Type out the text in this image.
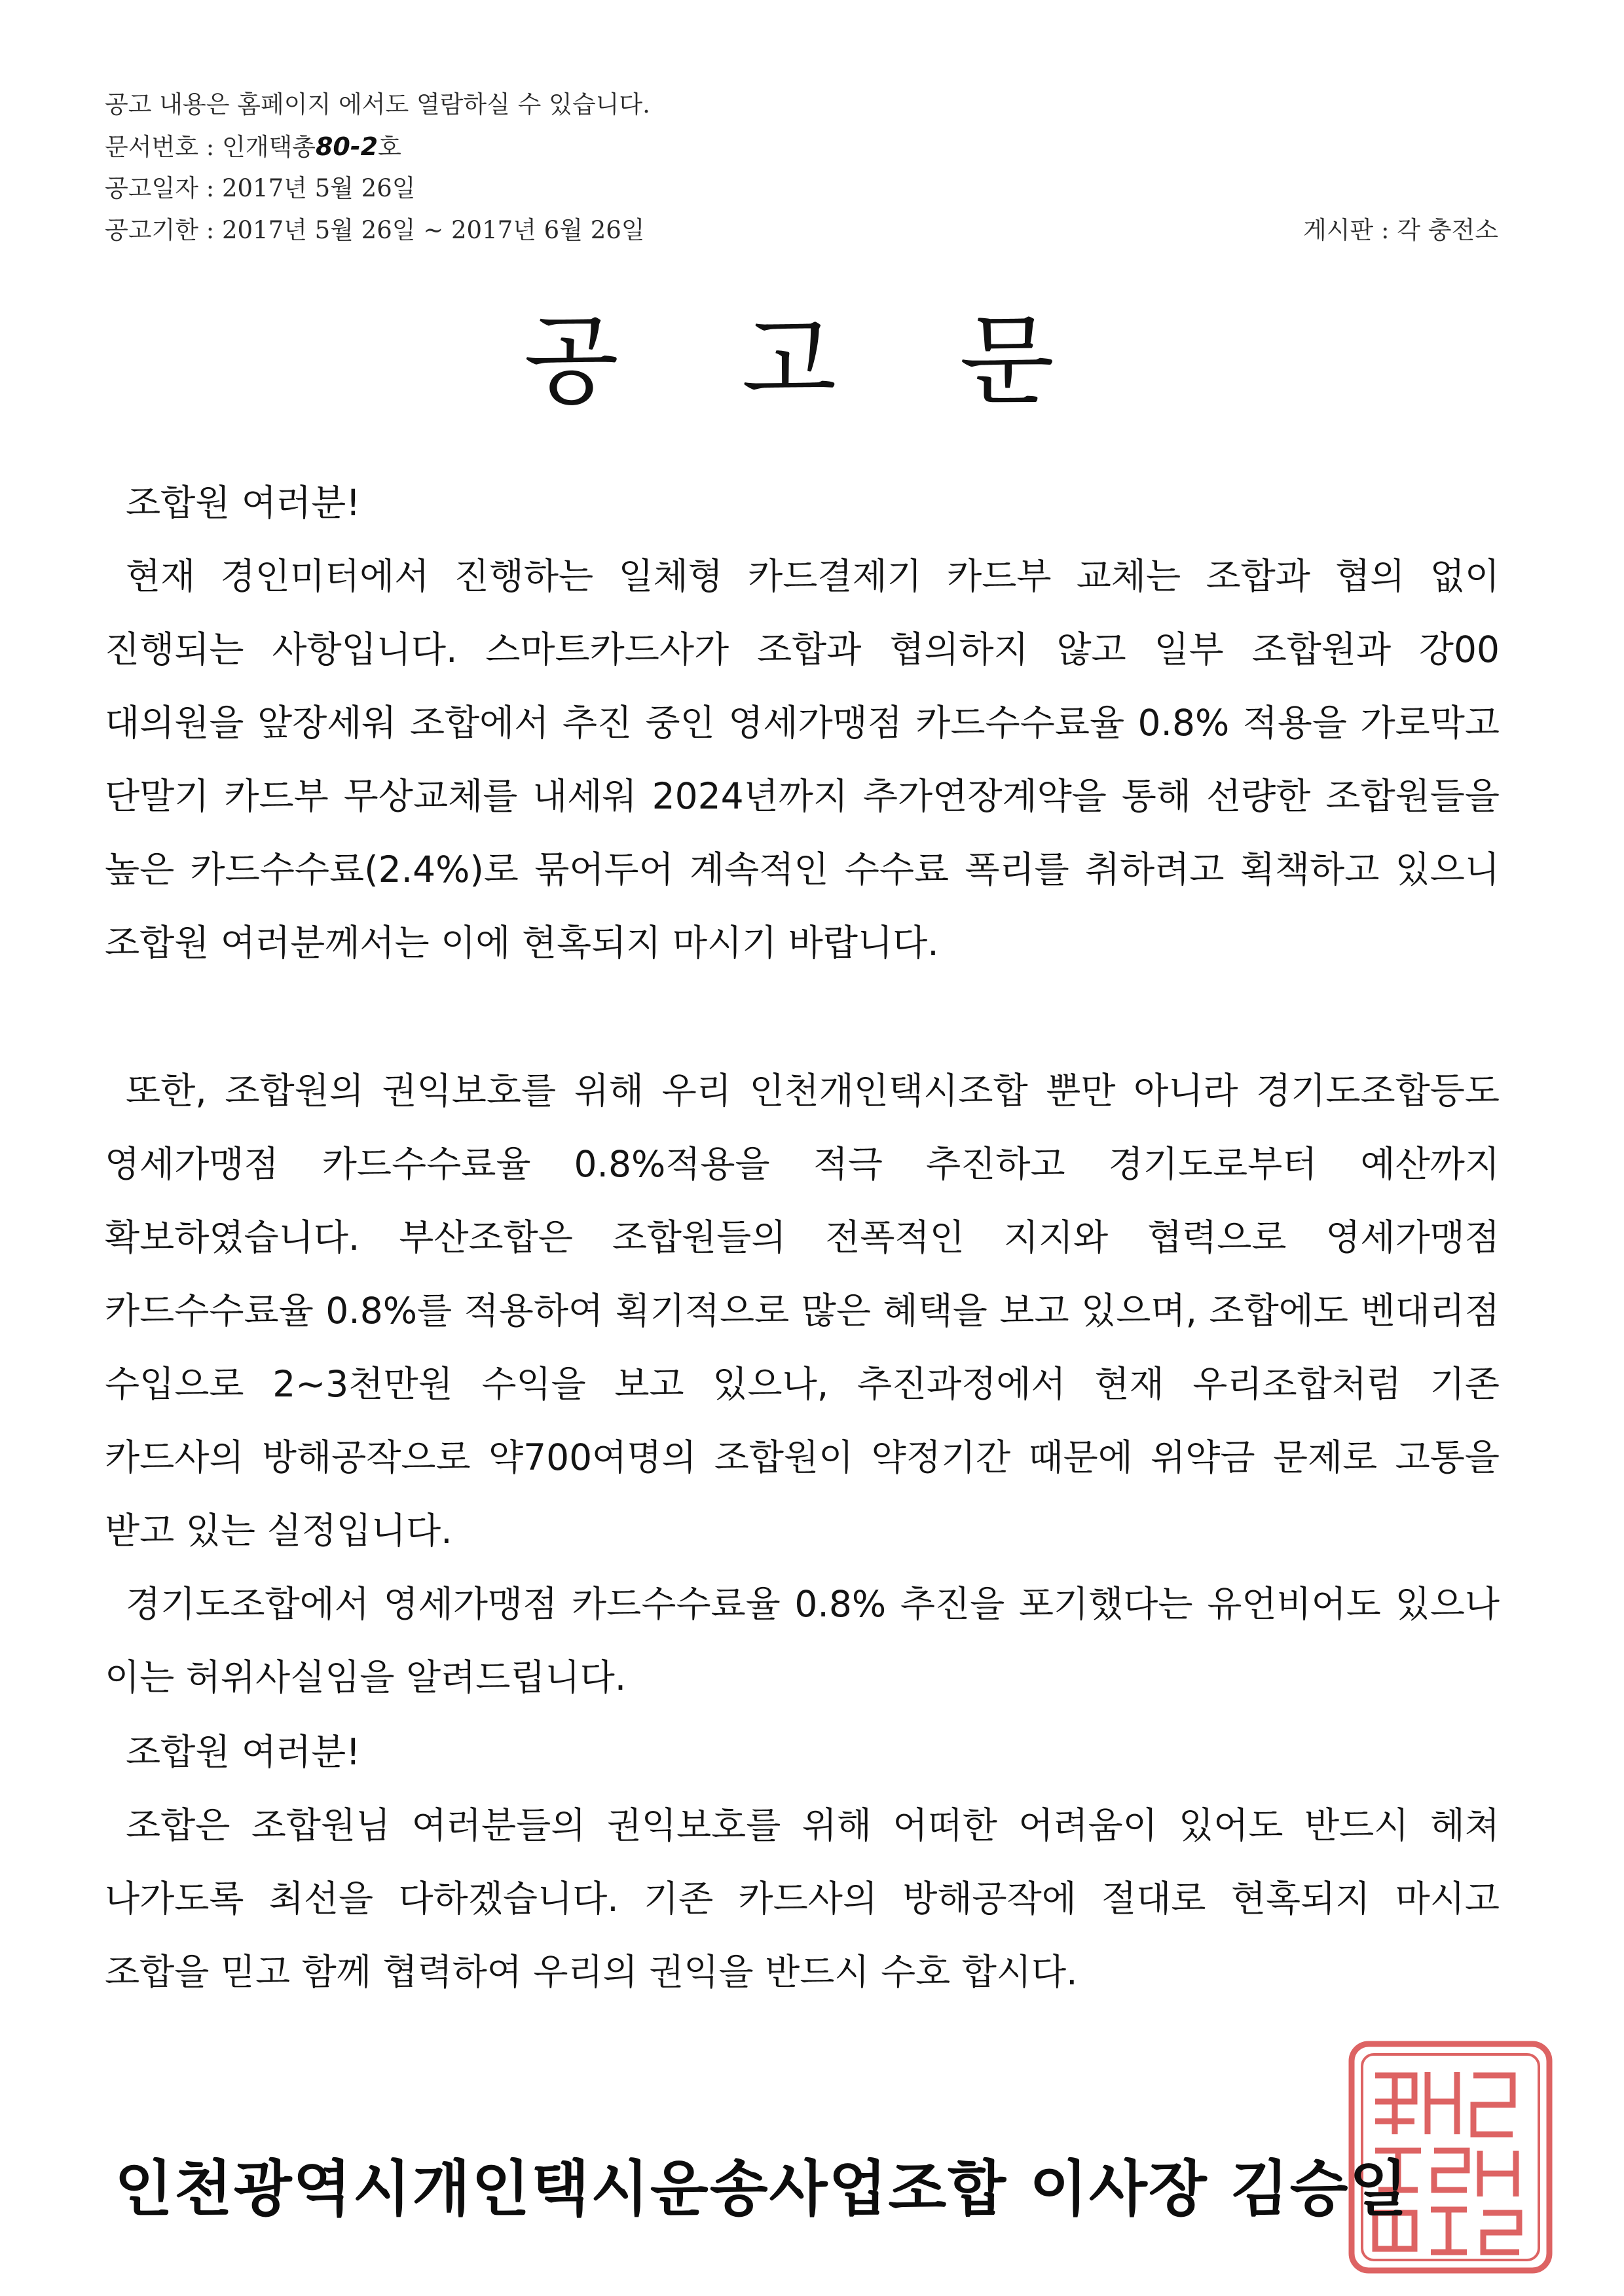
공고 내용은 홈페이지 에서도 열람하실 수 있습니다.
문서번호 : 인개택총80-2호
공고일자 : 2017년 5월 26일
공고기한 : 2017년 5월 26일 ~ 2017년 6월 26일	게시판 : 각 충전소
공 고 문
조합원 여러분!
현재 경인미터에서 진행하는 일체형 카드결제기 카드부 교체는 조합과 협의 없이 진행되는 사항입니다. 스마트카드사가 조합과 협의하지 않고 일부 조합원과 강00 대의원을 앞장세워 조합에서 추진 중인 영세가맹점 카드수수료율 0.8% 적용을 가로막고 단말기 카드부 무상교체를 내세워 2024년까지 추가연장계약을 통해 선량한 조합원들을 높은 카드수수료(2.4%)로 묶어두어 계속적인 수수료 폭리를 취하려고 획책하고 있으니 조합원 여러분께서는 이에 현혹되지 마시기 바랍니다.
또한, 조합원의 권익보호를 위해 우리 인천개인택시조합 뿐만 아니라 경기도조합등도 영세가맹점 카드수수료율 0.8%적용을 적극 추진하고 경기도로부터 예산까지 확보하였습니다. 부산조합은 조합원들의 전폭적인 지지와 협력으로 영세가맹점 카드수수료율 0.8%를 적용하여 획기적으로 많은 혜택을 보고 있으며, 조합에도 벤대리점 수입으로 2~3천만원 수익을 보고 있으나, 추진과정에서 현재 우리조합처럼 기존 카드사의 방해공작으로 약700여명의 조합원이 약정기간 때문에 위약금 문제로 고통을 받고 있는 실정입니다.
경기도조합에서 영세가맹점 카드수수료율 0.8% 추진을 포기했다는 유언비어도 있으나 이는 허위사실임을 알려드립니다.
조합원 여러분!
조합은 조합원님 여러분들의 권익보호를 위해 어떠한 어려움이 있어도 반드시 헤쳐 나가도록 최선을 다하겠습니다. 기존 카드사의 방해공작에 절대로 현혹되지 마시고 조합을 믿고 함께 협력하여 우리의 권익을 반드시 수호 합시다.
인천광역시개인택시운송사업조합 이사장 김승일
